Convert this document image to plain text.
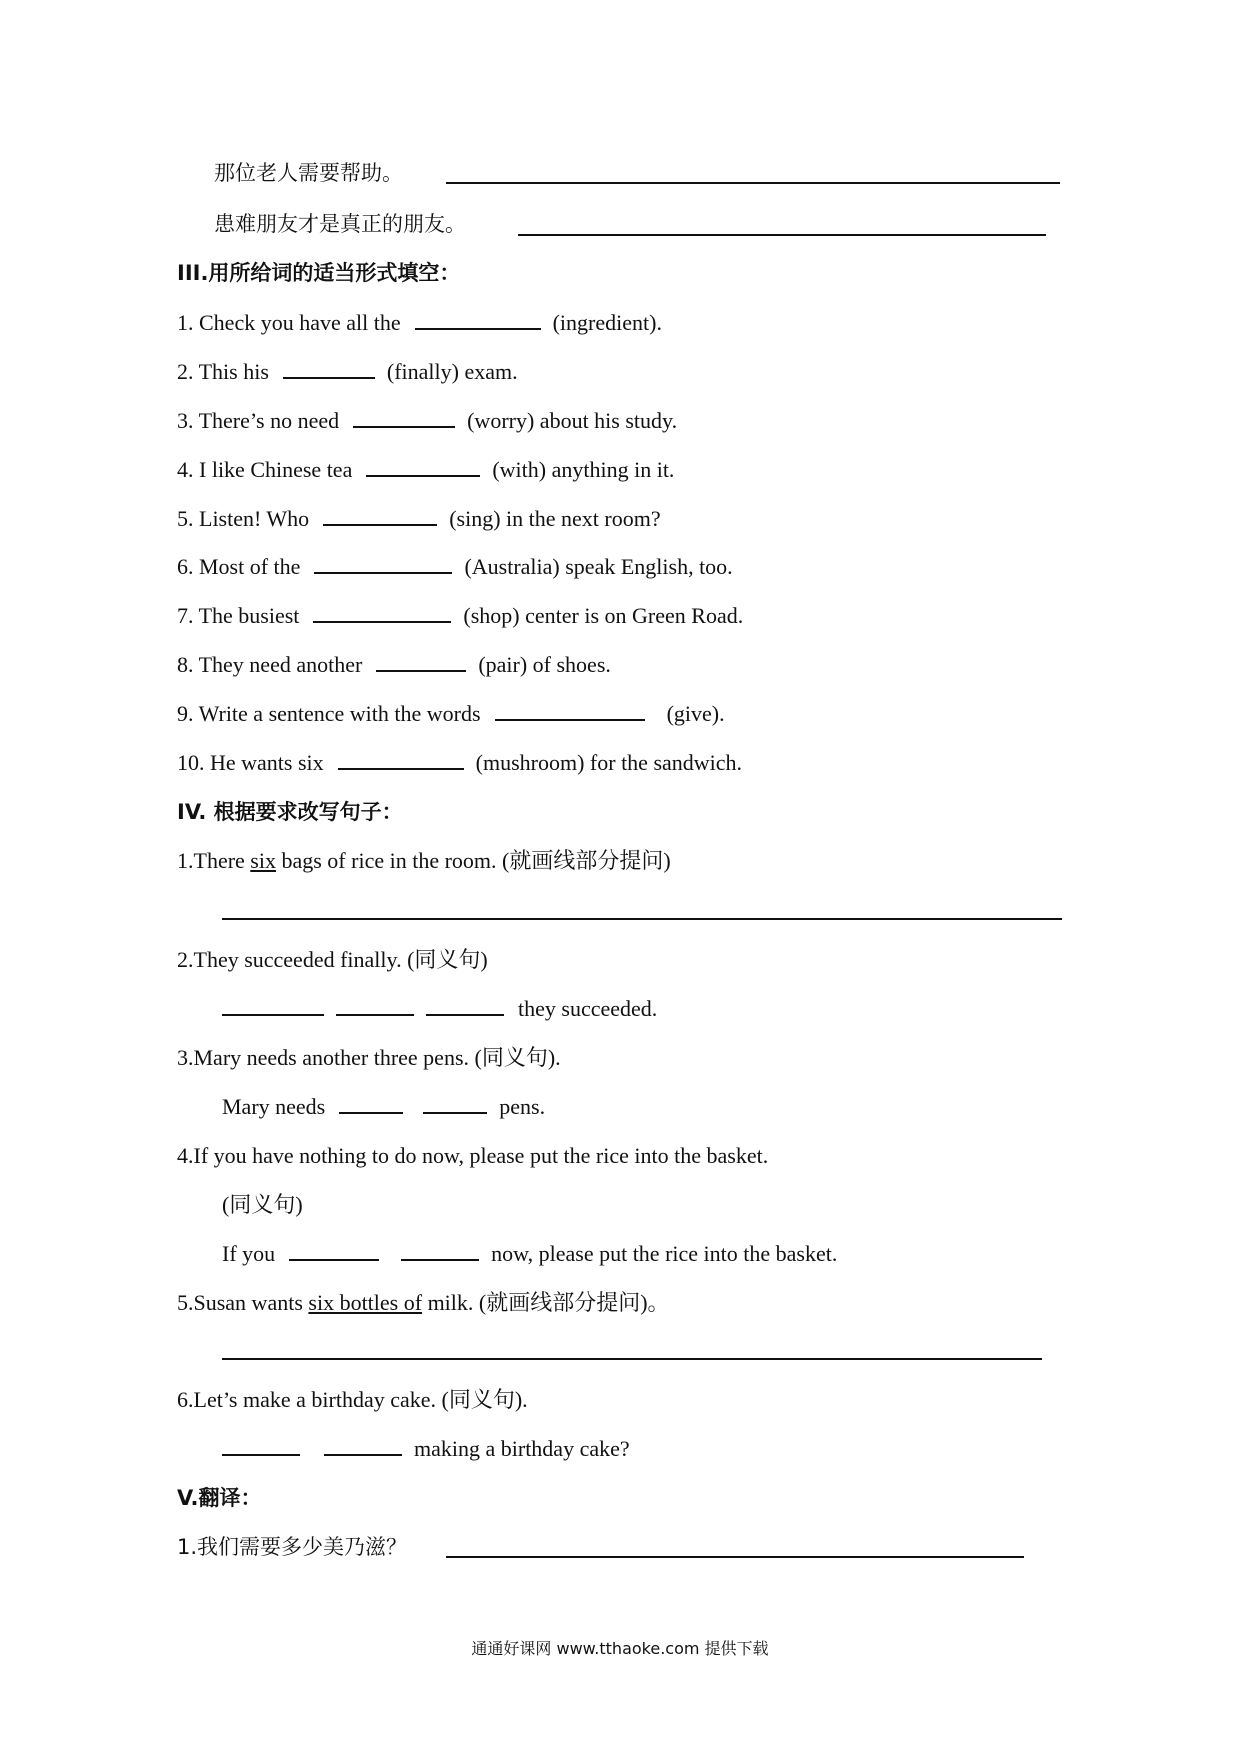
那位老人需要帮助。
患难朋友才是真正的朋友。
III.用所给词的适当形式填空：
1. Check you have all the	(ingredient).
2. This his	(finally) exam.
3. There’s no need	(worry) about his study.
4. I like Chinese tea	(with) anything in it.
5. Listen! Who	(sing) in the next room?
6. Most of the	(Australia) speak English, too.
7. The busiest	(shop) center is on Green Road.
8. They need another	(pair) of shoes.
9. Write a sentence with the words	(give).
10. He wants six	(mushroom) for the sandwich.
IV. 根据要求改写句子：
1.There six bags of rice in the room. (就画线部分提问)
2.They succeeded finally. (同义句)
they succeeded.
3.Mary needs another three pens. (同义句).
Mary needs	pens.
4.If you have nothing to do now, please put the rice into the basket.
(同义句)
If you	now, please put the rice into the basket.
5.Susan wants six bottles of milk. (就画线部分提问)。
6.Let’s make a birthday cake. (同义句).
making a birthday cake?
V.翻译：
1.我们需要多少美乃滋？
通通好课网 www.tthaoke.com 提供下载
